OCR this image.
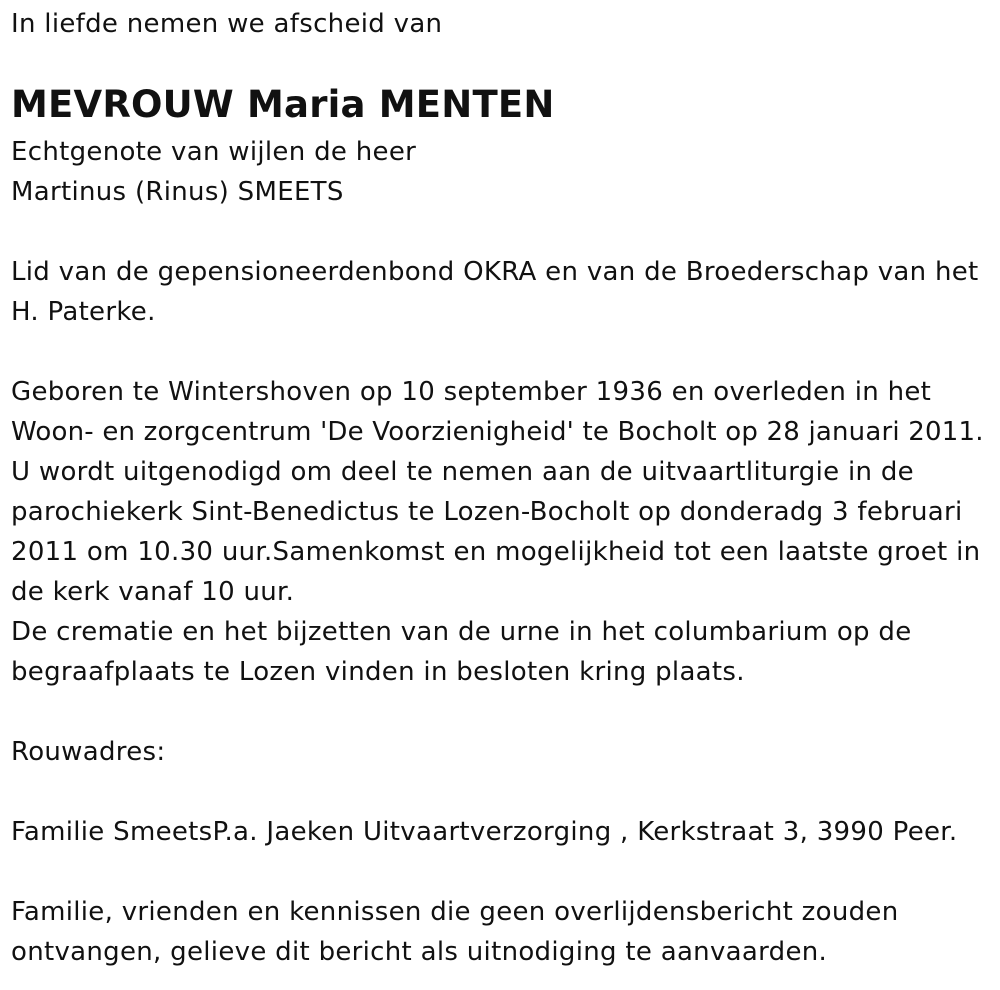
In liefde nemen we afscheid van
MEVROUW Maria MENTEN
Echtgenote van wijlen de heer
Martinus (Rinus) SMEETS
Lid van de gepensioneerdenbond OKRA en van de Broederschap van het
H. Paterke.
Geboren te Wintershoven op 10 september 1936 en overleden in het
Woon- en zorgcentrum 'De Voorzienigheid' te Bocholt op 28 januari 2011.
U wordt uitgenodigd om deel te nemen aan de uitvaartliturgie in de
parochiekerk Sint-Benedictus te Lozen-Bocholt op donderadg 3 februari
2011 om 10.30 uur.Samenkomst en mogelijkheid tot een laatste groet in
de kerk vanaf 10 uur.
De crematie en het bijzetten van de urne in het columbarium op de
begraafplaats te Lozen vinden in besloten kring plaats.
Rouwadres:
Familie SmeetsP.a. Jaeken Uitvaartverzorging , Kerkstraat 3, 3990 Peer.
Familie, vrienden en kennissen die geen overlijdensbericht zouden
ontvangen, gelieve dit bericht als uitnodiging te aanvaarden.
